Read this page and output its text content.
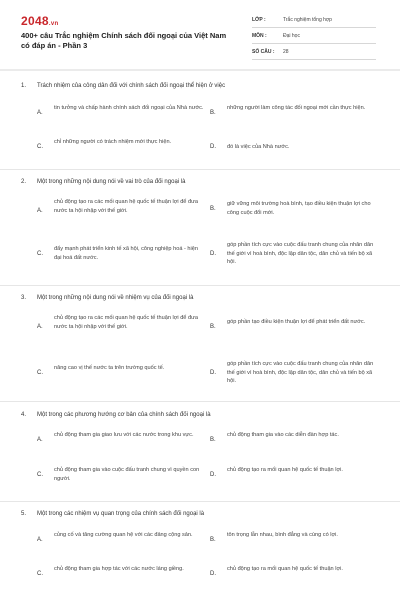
2048.vn
400+ câu Trắc nghiệm Chính sách đối ngoại của Việt Nam có đáp án - Phần 3
LỚP :	Trắc nghiệm tổng hợp
MÔN :	Đại học
SỐ CÂU : 28
1. Trách nhiệm của công dân đối với chính sách đối ngoại thể hiện ở việc
A.
tin tưởng và chấp hành chính sách đối ngoại của Nhà nước.
B.
những người làm công tác đối ngoại mới cần thực hiện.
C.
chỉ những người có trách nhiệm mới thực hiện.
D. đó là việc của Nhà nước.
2. Một trong những nội dung nói về vai trò của đối ngoại là
A.
chủ động tạo ra các mối quan hệ quốc tế thuận lợi để đưa nước ta hội nhập với thế giới.	B.
giữ vững môi trường hoà bình, tạo điều kiện thuận lợi cho công cuộc đổi mới.
C.
đẩy mạnh phát triển kinh tế xã hội, công nghiệp hoá - hiện đại hoá đất nước.
D.
góp phần tích cực vào cuộc đấu tranh chung của nhân dân thế giới vì hoà bình, độc lập dân tộc, dân chủ và tiến bộ xã hội.
3. Một trong những nội dung nói về nhiệm vụ của đối ngoại là
A.
chủ động tạo ra các mối quan hệ quốc tế thuận lợi để đưa nước ta hội nhập với thế giới.	B.
góp phần tạo điều kiện thuận lợi để phát triển đất nước.
C.
nâng cao vị thế nước ta trên trường quốc tế.
D.
góp phần tích cực vào cuộc đấu tranh chung của nhân dân thế giới vì hoà bình, độc lập dân tộc, dân chủ và tiến bộ xã hội.
4. Một trong các phương hướng cơ bản của chính sách đối ngoại là
A.
chủ động tham gia giao lưu với các nước trong khu vực.
B.
chủ động tham gia vào các diễn đàn hợp tác.
C.
chủ động tham gia vào cuộc đấu tranh chung vì quyền con người.
D.
chủ động tạo ra mối quan hệ quốc tế thuận lợi.
5. Một trong các nhiệm vụ quan trọng của chính sách đối ngoại là
A.
củng cố và tăng cường quan hệ với các đảng cộng sản.
B.
tôn trọng lẫn nhau, bình đẳng và cùng có lợi.
C.
chủ động tham gia hợp tác với các nước láng giềng.
D.
chủ động tạo ra mối quan hệ quốc tế thuận lợi.
